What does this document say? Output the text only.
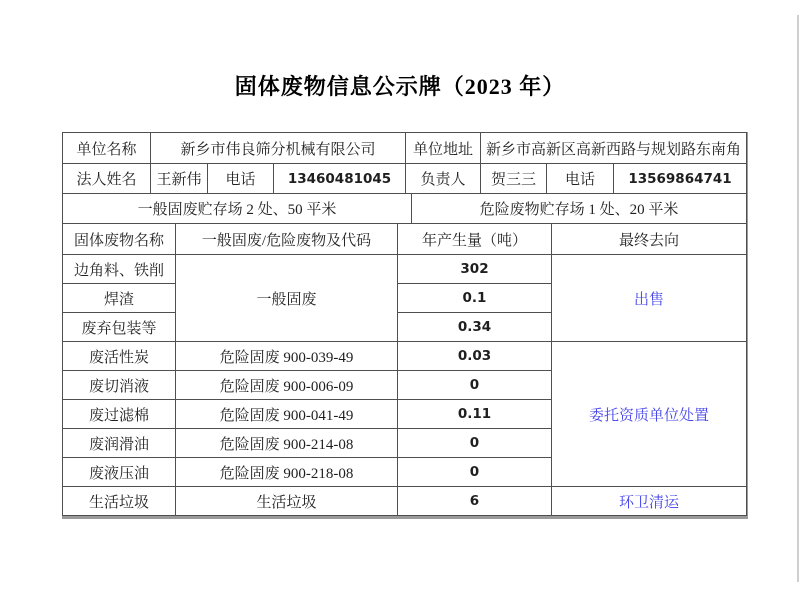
固体废物信息公示牌（2023 年）
单位名称	新乡市伟良筛分机械有限公司			单位地址	新乡市高新区高新西路与规划路东南角		
法人姓名	王新伟	电话	13460481045	负责人	贺三三	电话	13569864741
一般固废贮存场 2 处、50 平米	危险废物贮存场 1 处、20 平米
固体废物名称	一般固废/危险废物及代码	年产生量（吨）	最终去向
边角料、铁削	一般固废	302	出售
焊渣		0.1	
废弃包装等		0.34	
废活性炭	危险固废 900-039-49	0.03	委托资质单位处置
废切消液	危险固废 900-006-09	0	
废过滤棉	危险固废 900-041-49	0.11	
废润滑油	危险固废 900-214-08	0	
废液压油	危险固废 900-218-08	0	
生活垃圾	生活垃圾	6	环卫清运
